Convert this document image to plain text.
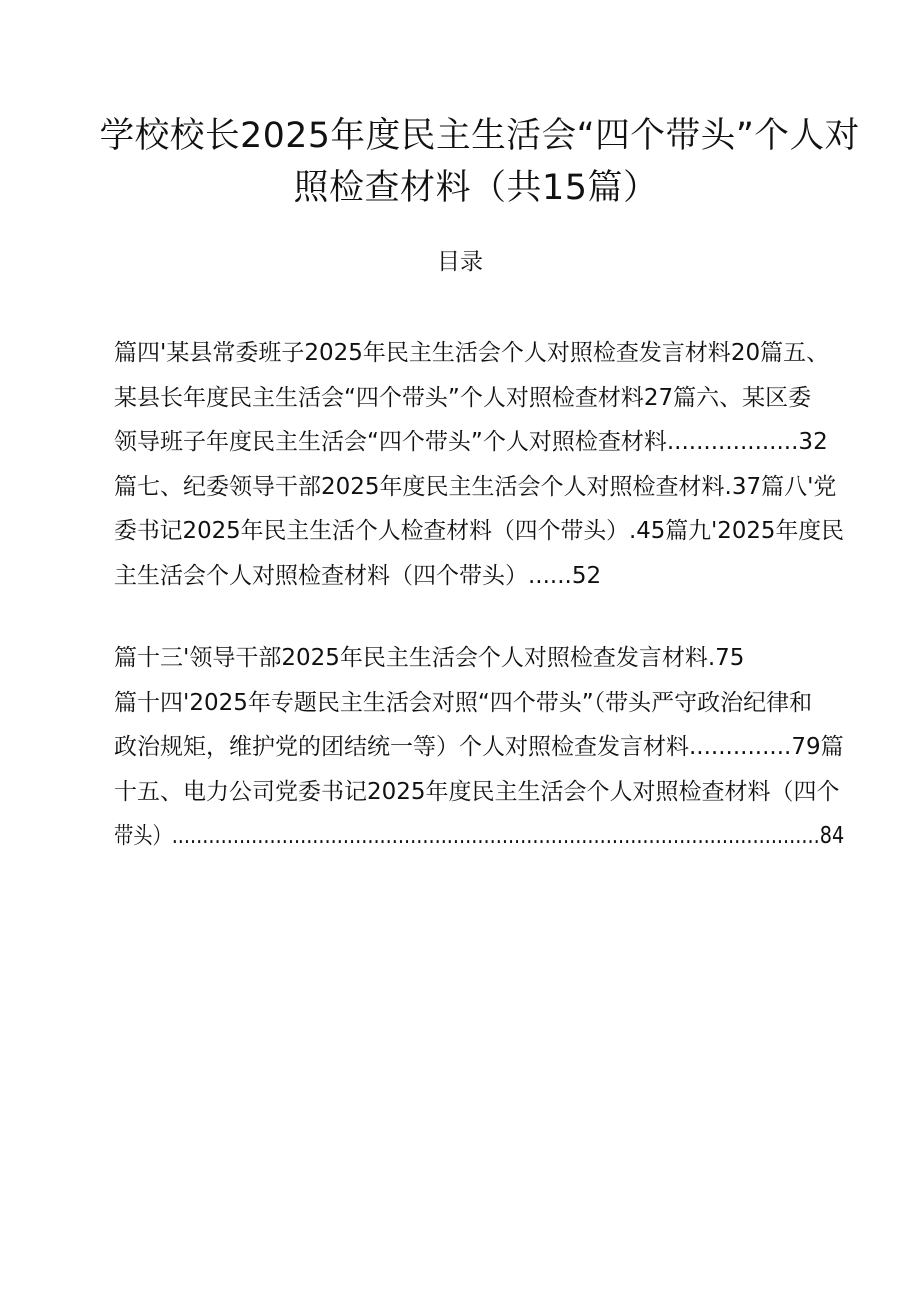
学校校长2025年度民主生活会“四个带头”个人对
照检查材料（共15篇）
目录
篇四'某县常委班子2025年民主生活会个人对照检查发言材料20篇五、
某县长年度民主生活会“四个带头”个人对照检查材料27篇六、某区委
领导班子年度民主生活会“四个带头”个人对照检查材料..................32
篇七、纪委领导干部2025年度民主生活会个人对照检查材料.37篇八'党
委书记2025年民主生活个人检查材料（四个带头）.45篇九'2025年度民
主生活会个人对照检查材料（四个带头）......52
篇十三'领导干部2025年民主生活会个人对照检查发言材料.75
篇十四'2025年专题民主生活会对照“四个带头”（带头严守政治纪律和
政治规矩，维护党的团结统一等）个人对照检查发言材料..............79篇
十五、电力公司党委书记2025年度民主生活会个人对照检查材料（四个
带头）..........................................................................................................84
